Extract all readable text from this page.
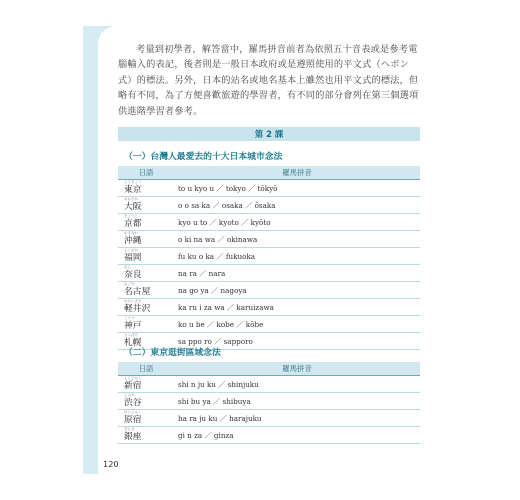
考量到初學者，解答當中，羅馬拼音前者為依照五十音表或是參考電腦輸入的表記，後者則是一般日本政府或是遵照使用的平文式（ヘボン式）的標法。另外，日本的站名或地名基本上雖然也用平文式的標法，但略有不同，為了方便喜歡旅遊的學習者，有不同的部分會列在第三個選項供進階學習者參考。

第 2 課

（一）台灣人最愛去的十大日本城市念法

日語	羅馬拼音

とうきょう
東京	to u kyo u ／ tokyo ／ tōkyō

おおさか
大阪	o o sa ka ／ osaka ／ ōsaka

きょうと
京都	kyo u to ／ kyoto ／ kyōto

おきなわ
沖縄	o ki na wa ／ okinawa

ふくおか
福岡	fu ku o ka ／ fukuoka

なら
奈良	na ra ／ nara

なごや
名古屋	na go ya ／ nagoya

かるいざわ
軽井沢	ka ru i za wa ／ karuizawa

こうべ
神戸	ko u be ／ kobe ／ kōbe

さっぽろ
札幌	sa ppo ro ／ sapporo

（二）東京逛街區域念法

日語	羅馬拼音

しんじゅく
新宿	shi n ju ku ／ shinjuku

しぶや
渋谷	shi bu ya ／ shibuya

はらじゅく
原宿	ha ra ju ku ／ harajuku

ぎんざ
銀座	gi n za ／ ginza
120
